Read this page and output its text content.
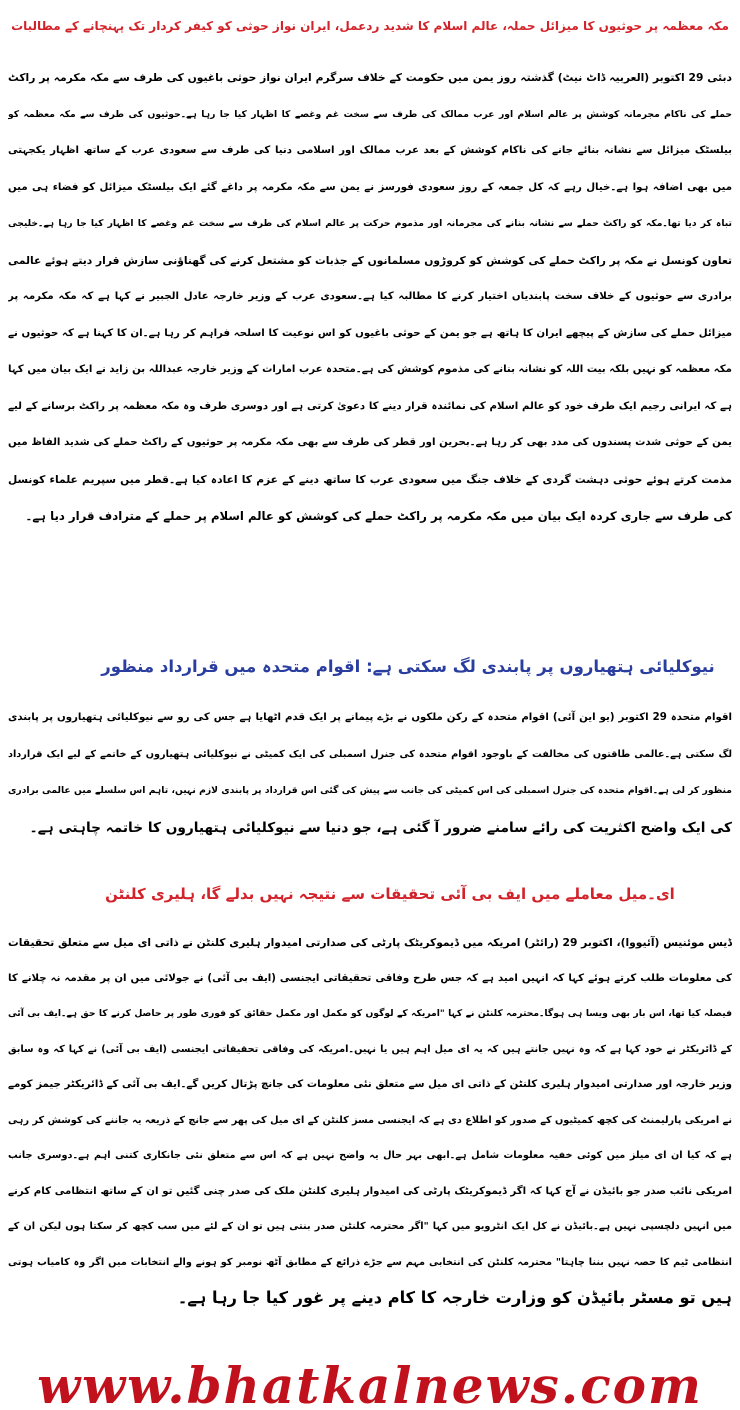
مکہ معظمہ پر حوثیوں کا میزائل حملہ، عالم اسلام کا شدید ردعمل، ایران نواز حوثی کو کیفر کردار تک پہنچانے کے مطالبات
دبئی 29 اکتوبر (العربیہ ڈاٹ نیٹ) گذشتہ روز یمن میں حکومت کے خلاف سرگرم ایران نواز حوثی باغیوں کی طرف سے مکہ مکرمہ پر راکٹ
حملے کی ناکام مجرمانہ کوشش پر عالم اسلام اور عرب ممالک کی طرف سے سخت غم وغصے کا اظہار کیا جا رہا ہے۔حوثیوں کی طرف سے مکہ معظمہ کو
بیلسٹک میزائل سے نشانہ بنائے جانے کی ناکام کوشش کے بعد عرب ممالک اور اسلامی دنیا کی طرف سے سعودی عرب کے ساتھ اظہار یکجہتی
میں بھی اضافہ ہوا ہے۔خیال رہے کہ کل جمعہ کے روز سعودی فورسز نے یمن سے مکہ مکرمہ پر داغے گئے ایک بیلسٹک میزائل کو فضاء ہی میں
تباہ کر دیا تھا۔مکہ کو راکٹ حملے سے نشانہ بنانے کی مجرمانہ اور مذموم حرکت پر عالم اسلام کی طرف سے سخت غم وغصے کا اظہار کیا جا رہا ہے۔خلیجی
تعاون کونسل نے مکہ پر راکٹ حملے کی کوشش کو کروڑوں مسلمانوں کے جذبات کو مشتعل کرنے کی گھناؤنی سازش قرار دیتے ہوئے عالمی
برادری سے حوثیوں کے خلاف سخت پابندیاں اختیار کرنے کا مطالبہ کیا ہے۔سعودی عرب کے وزیر خارجہ عادل الجبیر نے کہا ہے کہ مکہ مکرمہ پر
میزائل حملے کی سازش کے پیچھے ایران کا ہاتھ ہے جو یمن کے حوثی باغیوں کو اس نوعیت کا اسلحہ فراہم کر رہا ہے۔ان کا کہنا ہے کہ حوثیوں نے
مکہ معظمہ کو نہیں بلکہ بیت اللہ کو نشانہ بنانے کی مذموم کوشش کی ہے۔متحدہ عرب امارات کے وزیر خارجہ عبداللہ بن زاید نے ایک بیان میں کہا
ہے کہ ایرانی رجیم ایک طرف خود کو عالم اسلام کی نمائندہ قرار دینے کا دعویٰ کرتی ہے اور دوسری طرف وہ مکہ معظمہ پر راکٹ برسانے کے لیے
یمن کے حوثی شدت پسندوں کی مدد بھی کر رہا ہے۔بحرین اور قطر کی طرف سے بھی مکہ مکرمہ پر حوثیوں کے راکٹ حملے کی شدید الفاظ میں
مذمت کرتے ہوئے حوثی دہشت گردی کے خلاف جنگ میں سعودی عرب کا ساتھ دینے کے عزم کا اعادہ کیا ہے۔قطر میں سپریم علماء کونسل
کی طرف سے جاری کردہ ایک بیان میں مکہ مکرمہ پر راکٹ حملے کی کوشش کو عالم اسلام پر حملے کے مترادف قرار دیا ہے۔
نیوکلیائی ہتھیاروں پر پابندی لگ سکتی ہے: اقوام متحدہ میں قرارداد منظور
اقوام متحدہ 29 اکتوبر (یو این آئی) اقوام متحدہ کے رکن ملکوں نے بڑے پیمانے پر ایک قدم اٹھایا ہے جس کی رو سے نیوکلیائی ہتھیاروں پر پابندی
لگ سکتی ہے۔عالمی طاقتوں کی مخالفت کے باوجود اقوام متحدہ کی جنرل اسمبلی کی ایک کمیٹی نے نیوکلیائی ہتھیاروں کے خاتمے کے لیے ایک قرارداد
منظور کر لی ہے۔اقوام متحدہ کی جنرل اسمبلی کی اس کمیٹی کی جانب سے پیش کی گئی اس قرارداد پر پابندی لازم نہیں، تاہم اس سلسلے میں عالمی برادری
کی ایک واضح اکثریت کی رائے سامنے ضرور آ گئی ہے، جو دنیا سے نیوکلیائی ہتھیاروں کا خاتمہ چاہتی ہے۔
ای۔میل معاملے میں ایف بی آئی تحقیقات سے نتیجہ نہیں بدلے گا، ہلیری کلنٹن
ڈیس موئنیس (آئیووا)، اکتوبر 29 (رائٹر) امریکہ میں ڈیموکریٹک پارٹی کی صدارتی امیدوار ہلیری کلنٹن نے ذاتی ای میل سے متعلق تحقیقات
کی معلومات طلب کرتے ہوئے کہا کہ انہیں امید ہے کہ جس طرح وفاقی تحقیقاتی ایجنسی (ایف بی آئی) نے جولائی میں ان پر مقدمہ نہ چلانے کا
فیصلہ کیا تھا، اس بار بھی ویسا ہی ہوگا۔محترمہ کلنٹن نے کہا "امریکہ کے لوگوں کو مکمل اور مکمل حقائق کو فوری طور پر حاصل کرنے کا حق ہے۔ایف بی آئی
کے ڈائریکٹر نے خود کہا ہے کہ وہ نہیں جانتے ہیں کہ یہ ای میل اہم ہیں یا نہیں۔امریکہ کی وفاقی تحقیقاتی ایجنسی (ایف بی آئی) نے کہا کہ وہ سابق
وزیر خارجہ اور صدارتی امیدوار ہلیری کلنٹن کے ذاتی ای میل سے متعلق نئی معلومات کی جانچ پڑتال کریں گے۔ایف بی آئی کے ڈائریکٹر جیمز کومے
نے امریکی پارلیمنٹ کی کچھ کمیٹیوں کے صدور کو اطلاع دی ہے کہ ایجنسی مسز کلنٹن کے ای میل کی پھر سے جانچ کے ذریعہ یہ جاننے کی کوشش کر رہی
ہے کہ کیا ان ای میلز میں کوئی خفیہ معلومات شامل ہے۔ابھی بہر حال یہ واضح نہیں ہے کہ اس سے متعلق نئی جانکاری کتنی اہم ہے۔دوسری جانب
امریکی نائب صدر جو بائیڈن نے آج کہا کہ اگر ڈیموکریٹک پارٹی کی امیدوار ہلیری کلنٹن ملک کی صدر چنی گئیں تو ان کے ساتھ انتظامی کام کرنے
میں انہیں دلچسپی نہیں ہے۔بائیڈن نے کل ایک انٹرویو میں کہا "اگر محترمہ کلنٹن صدر بنتی ہیں تو ان کے لئے میں سب کچھ کر سکتا ہوں لیکن ان کے
انتظامی ٹیم کا حصہ نہیں بننا چاہتا" محترمہ کلنٹن کی انتخابی مہم سے جڑے ذرائع کے مطابق آٹھ نومبر کو ہونے والے انتخابات میں اگر وہ کامیاب ہوتی
ہیں تو مسٹر بائیڈن کو وزارت خارجہ کا کام دینے پر غور کیا جا رہا ہے۔
www.bhatkalnews.com
